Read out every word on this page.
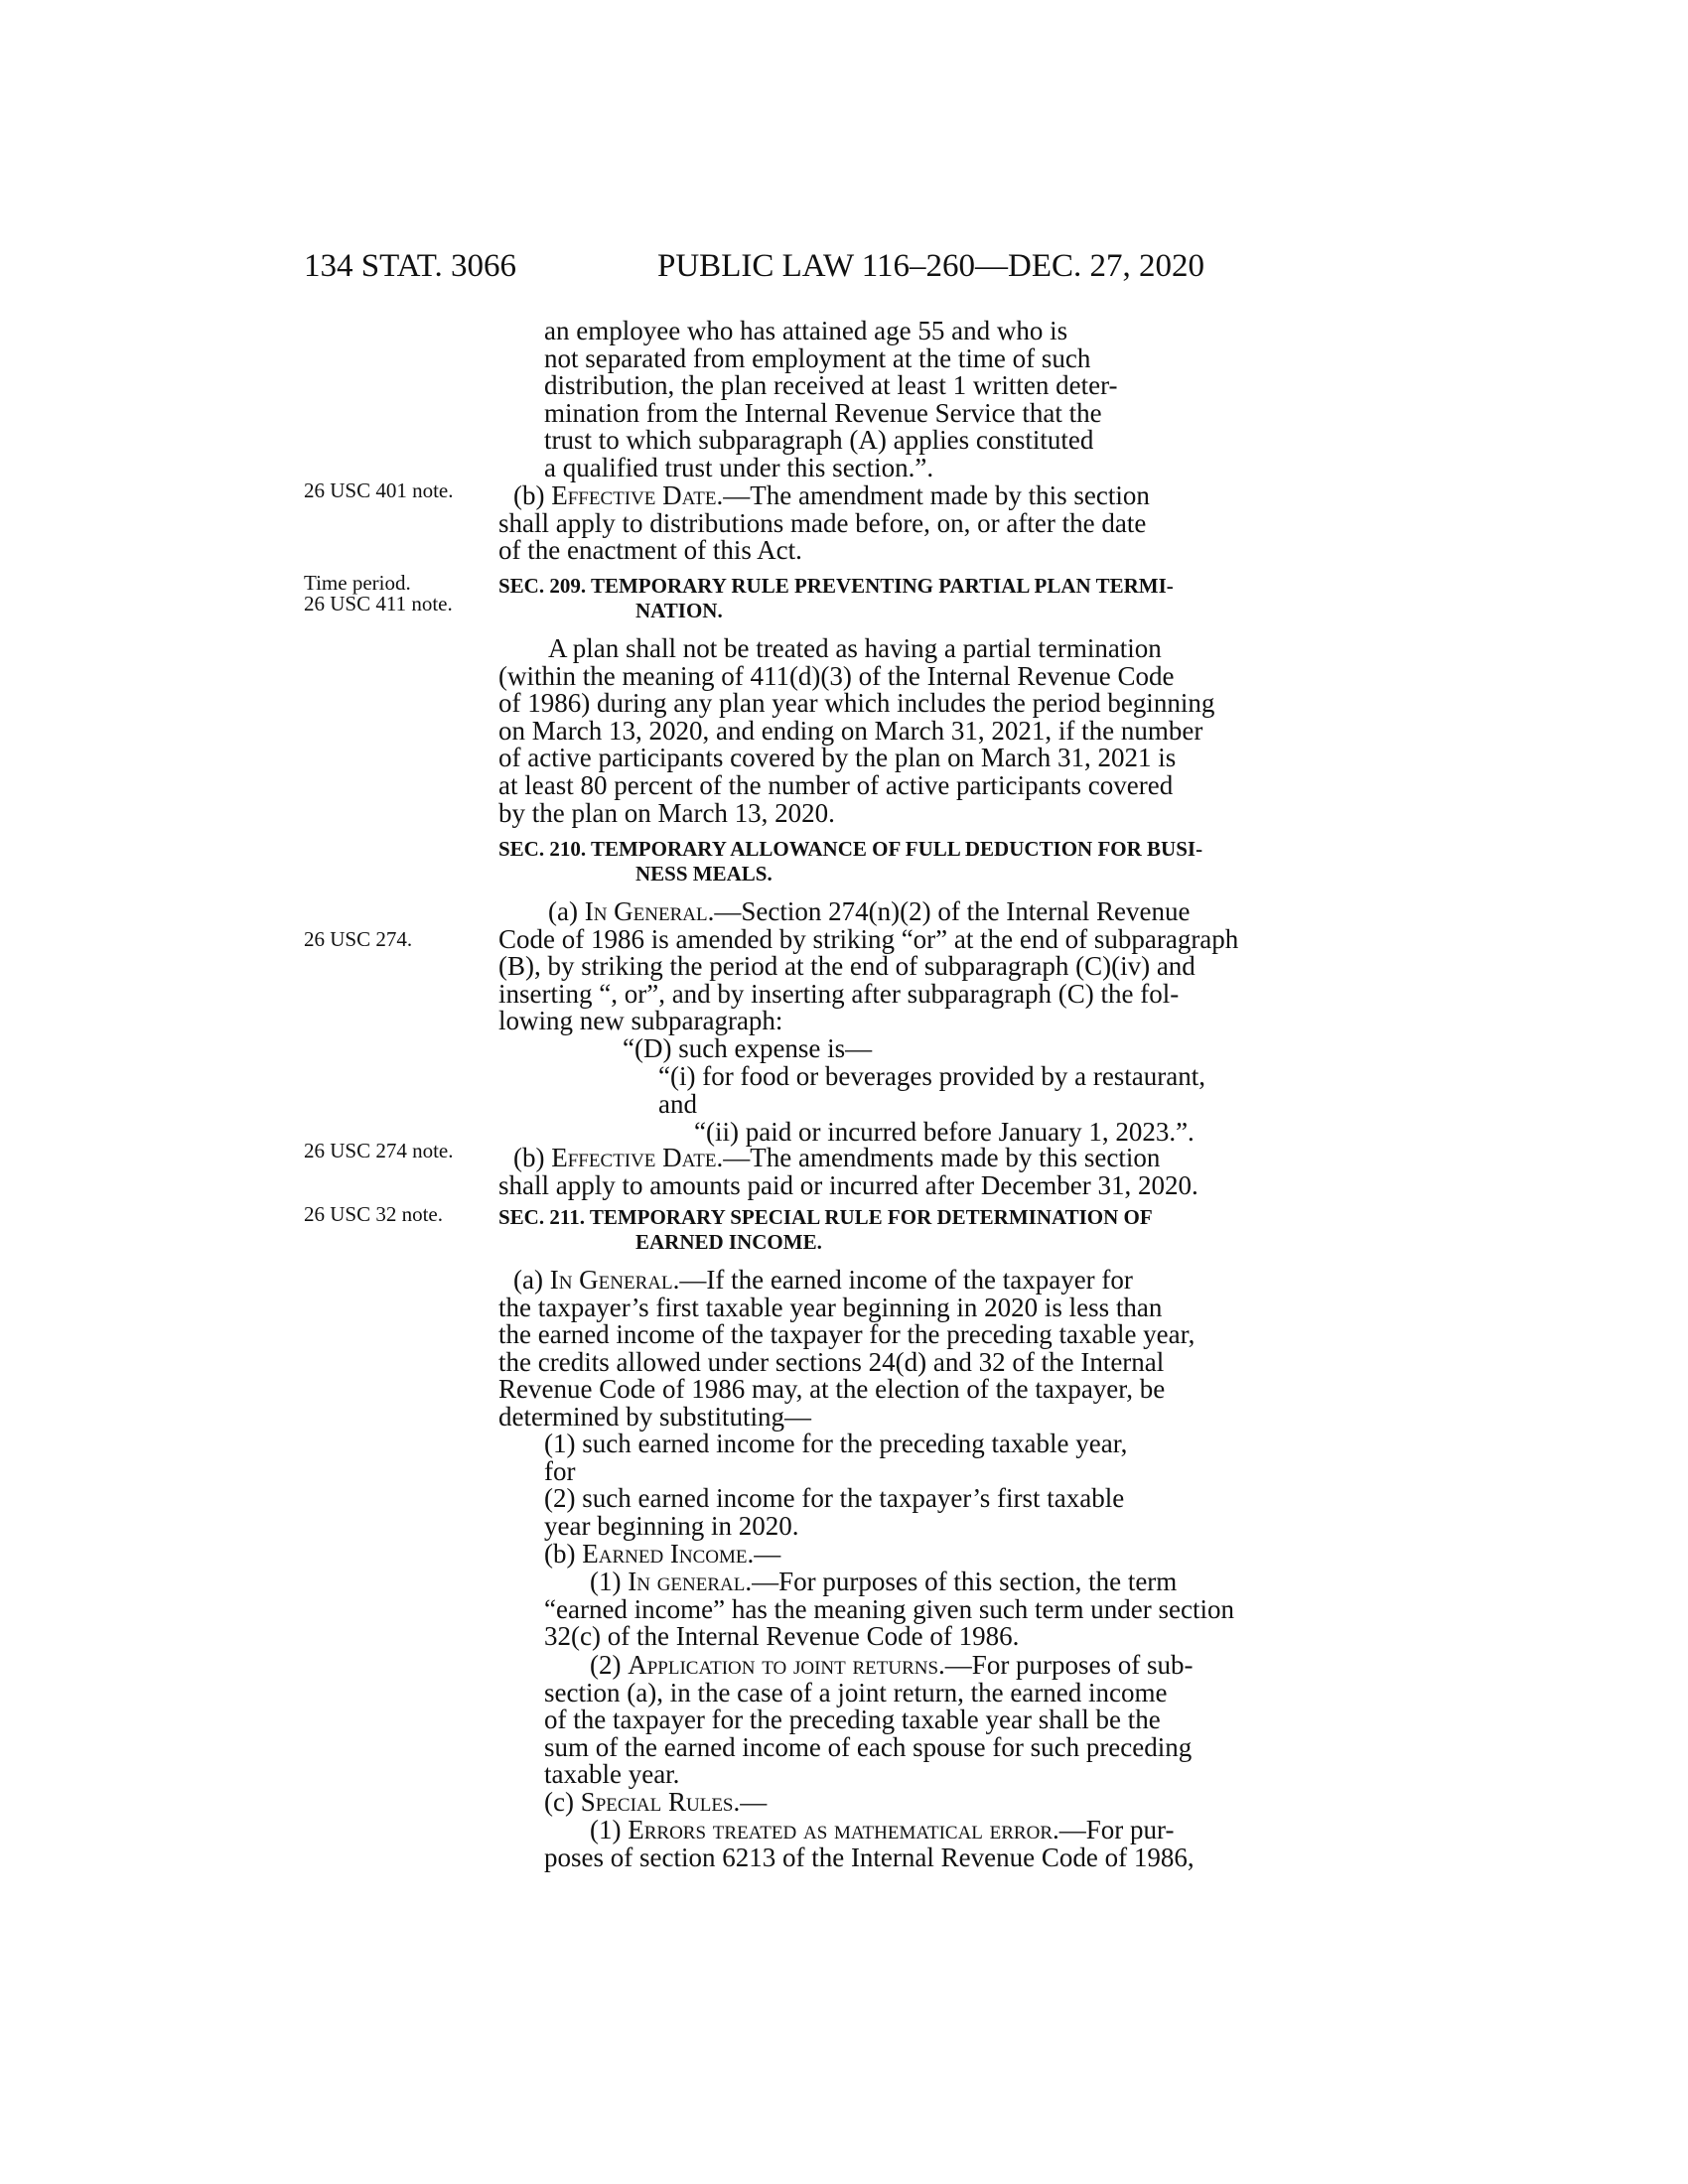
134 STAT. 3066	PUBLIC LAW 116–260—DEC. 27, 2020
26 USC 401 note.
Time period.
26 USC 411 note.
26 USC 274.
26 USC 274 note.
26 USC 32 note.
an employee who has attained age 55 and who is
not separated from employment at the time of such
distribution, the plan received at least 1 written deter-
mination from the Internal Revenue Service that the
trust to which subparagraph (A) applies constituted
a qualified trust under this section.”.
(b) Effective Date.—The amendment made by this section
shall apply to distributions made before, on, or after the date
of the enactment of this Act.
SEC. 209. TEMPORARY RULE PREVENTING PARTIAL PLAN TERMI-
NATION.
A plan shall not be treated as having a partial termination
(within the meaning of 411(d)(3) of the Internal Revenue Code
of 1986) during any plan year which includes the period beginning
on March 13, 2020, and ending on March 31, 2021, if the number
of active participants covered by the plan on March 31, 2021 is
at least 80 percent of the number of active participants covered
by the plan on March 13, 2020.
SEC. 210. TEMPORARY ALLOWANCE OF FULL DEDUCTION FOR BUSI-
NESS MEALS.
(a) In General.—Section 274(n)(2) of the Internal Revenue
Code of 1986 is amended by striking “or” at the end of subparagraph
(B), by striking the period at the end of subparagraph (C)(iv) and
inserting “, or”, and by inserting after subparagraph (C) the fol-
lowing new subparagraph:
“(D) such expense is—
“(i) for food or beverages provided by a restaurant,
and
“(ii) paid or incurred before January 1, 2023.”.
(b) Effective Date.—The amendments made by this section
shall apply to amounts paid or incurred after December 31, 2020.
SEC. 211. TEMPORARY SPECIAL RULE FOR DETERMINATION OF
EARNED INCOME.
(a) In General.—If the earned income of the taxpayer for
the taxpayer’s first taxable year beginning in 2020 is less than
the earned income of the taxpayer for the preceding taxable year,
the credits allowed under sections 24(d) and 32 of the Internal
Revenue Code of 1986 may, at the election of the taxpayer, be
determined by substituting—
(1) such earned income for the preceding taxable year,
for
(2) such earned income for the taxpayer’s first taxable
year beginning in 2020.
(b) Earned Income.—
(1) In general.—For purposes of this section, the term
“earned income” has the meaning given such term under section
32(c) of the Internal Revenue Code of 1986.
(2) Application to joint returns.—For purposes of sub-
section (a), in the case of a joint return, the earned income
of the taxpayer for the preceding taxable year shall be the
sum of the earned income of each spouse for such preceding
taxable year.
(c) Special Rules.—
(1) Errors treated as mathematical error.—For pur-
poses of section 6213 of the Internal Revenue Code of 1986,
